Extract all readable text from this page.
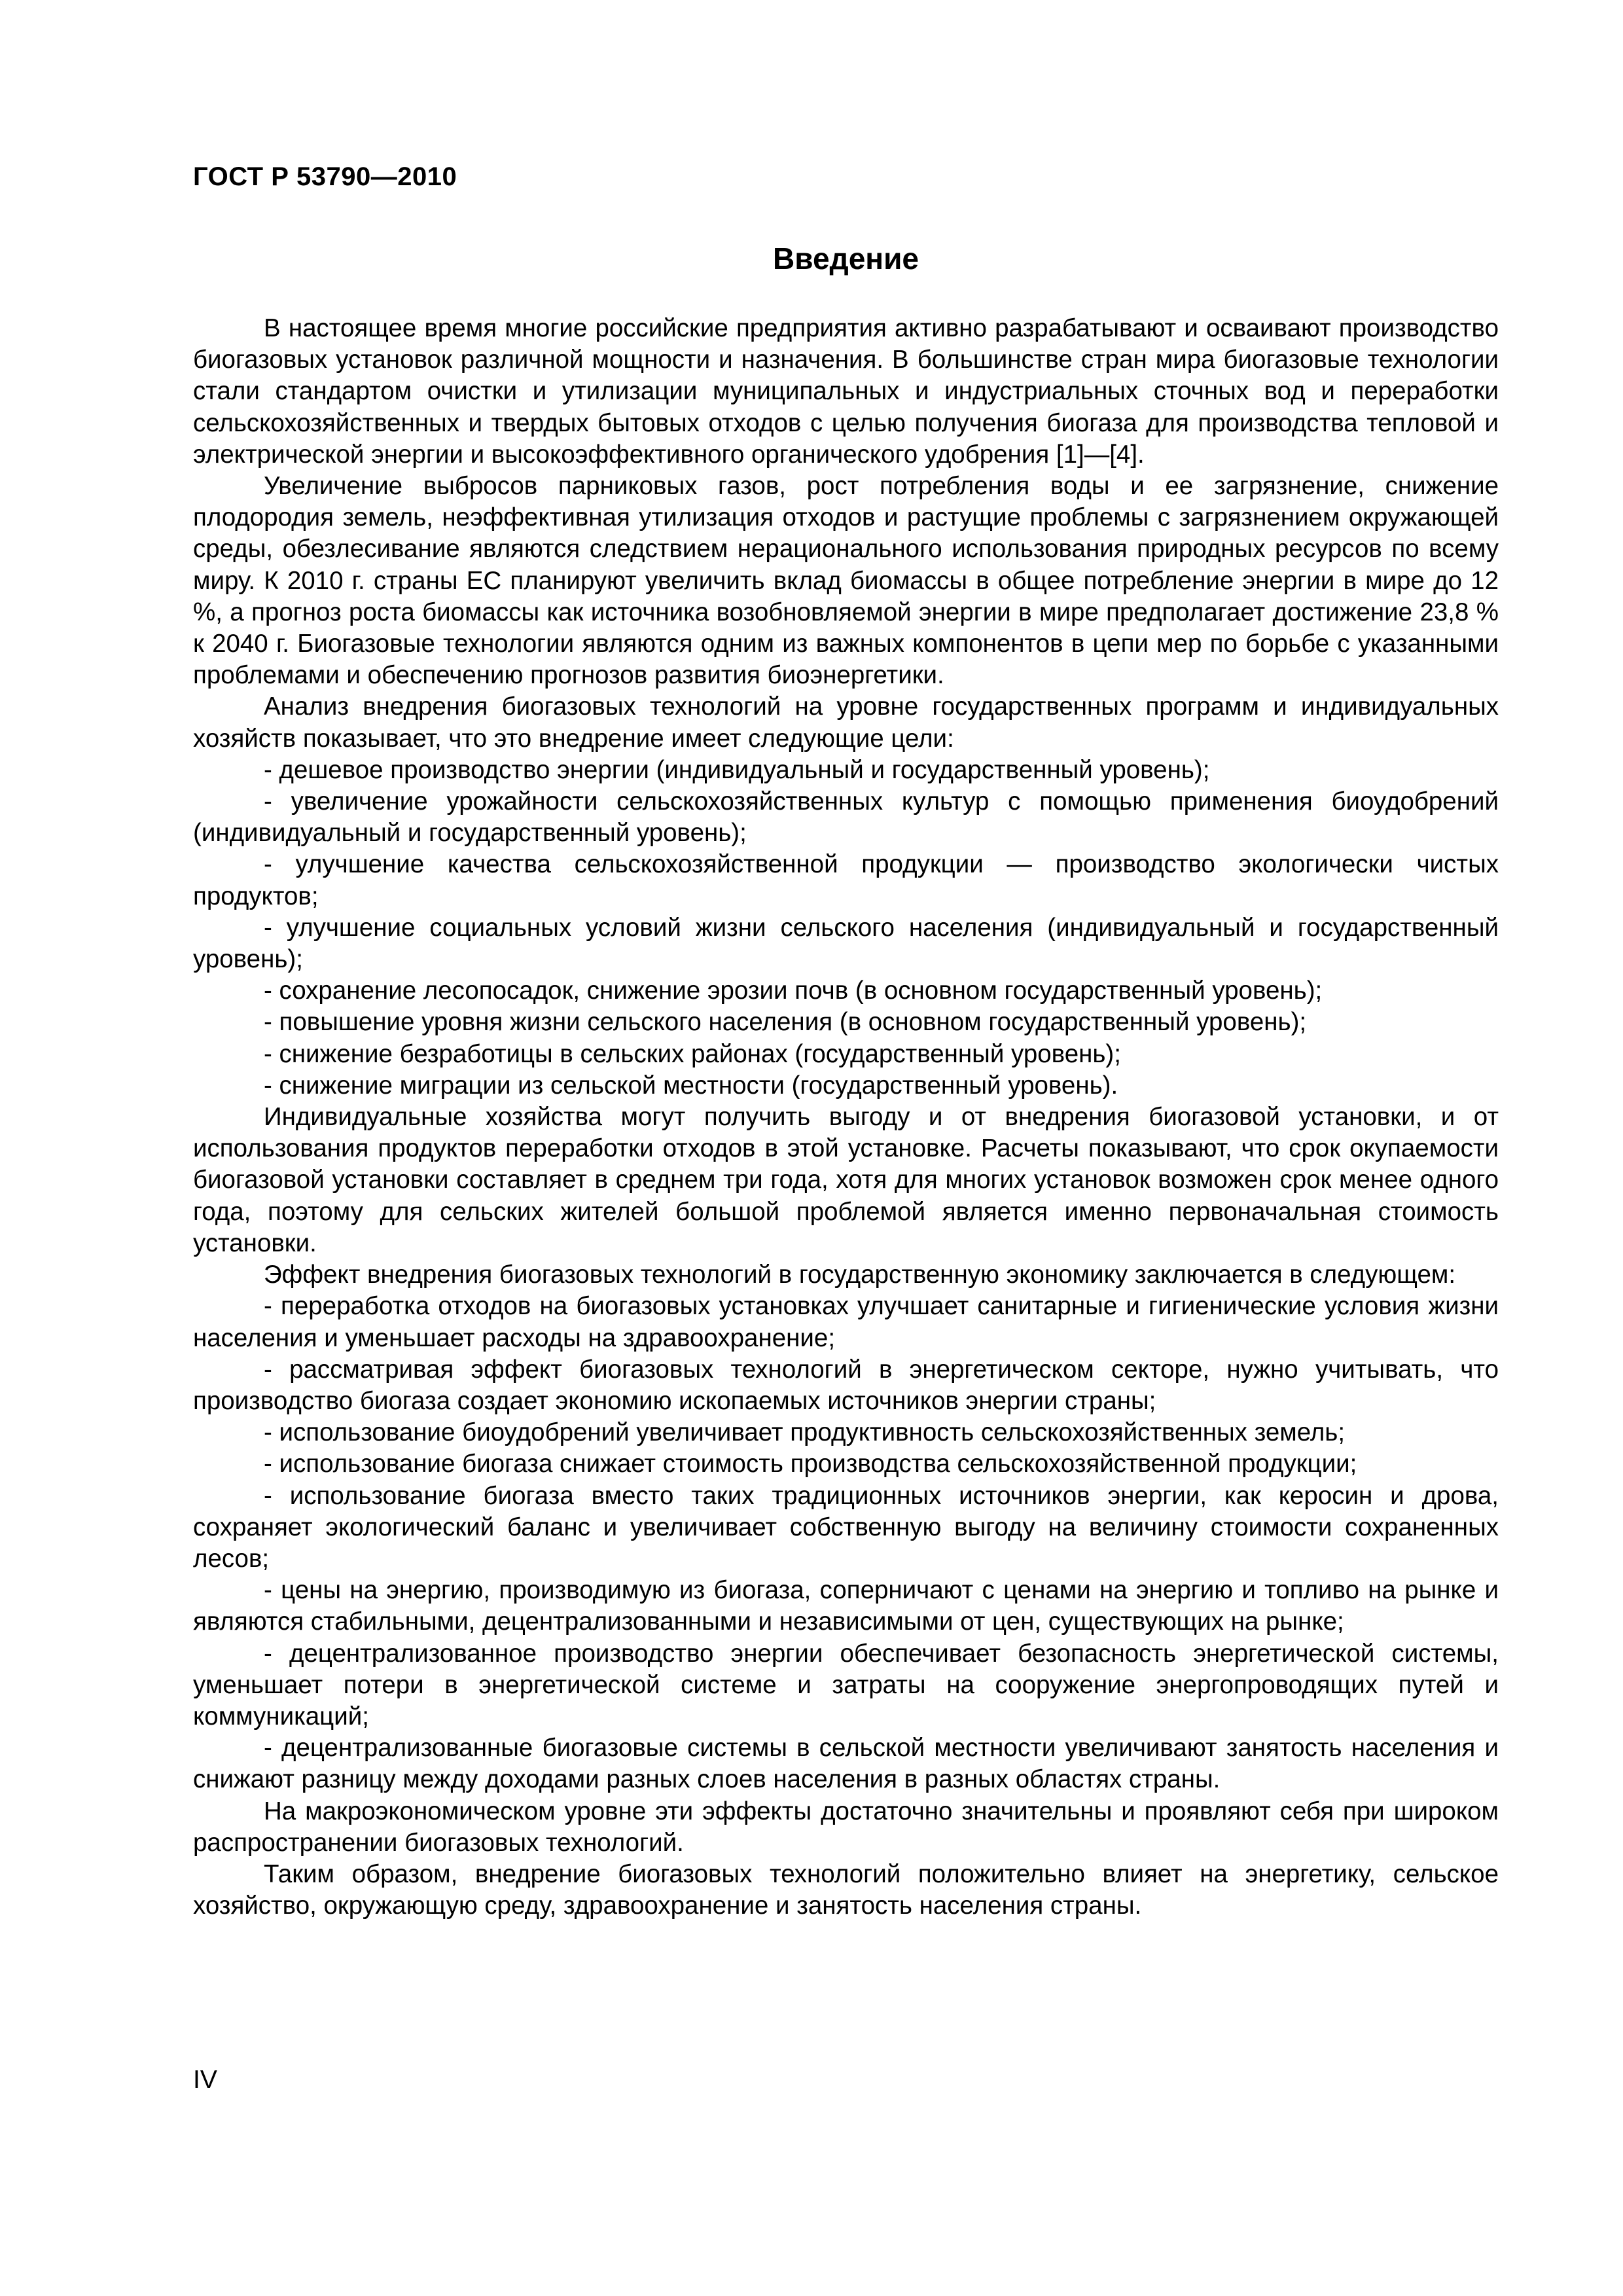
ГОСТ Р 53790—2010
Введение

В настоящее время многие российские предприятия активно разрабатывают и осваивают производство биогазовых установок различной мощности и назначения. В большинстве стран мира биогазовые технологии стали стандартом очистки и утилизации муниципальных и индустриальных сточных вод и переработки сельскохозяйственных и твердых бытовых отходов с целью получения биогаза для производства тепловой и электрической энергии и высокоэффективного органического удобрения [1]—[4].

Увеличение выбросов парниковых газов, рост потребления воды и ее загрязнение, снижение плодородия земель, неэффективная утилизация отходов и растущие проблемы с загрязнением окружающей среды, обезлесивание являются следствием нерационального использования природных ресурсов по всему миру. К 2010 г. страны ЕС планируют увеличить вклад биомассы в общее потребление энергии в мире до 12 %, а прогноз роста биомассы как источника возобновляемой энергии в мире предполагает достижение 23,8 % к 2040 г. Биогазовые технологии являются одним из важных компонентов в цепи мер по борьбе с указанными проблемами и обеспечению прогнозов развития биоэнергетики.

Анализ внедрения биогазовых технологий на уровне государственных программ и индивидуальных хозяйств показывает, что это внедрение имеет следующие цели:

- дешевое производство энергии (индивидуальный и государственный уровень);

- увеличение урожайности сельскохозяйственных культур с помощью применения биоудобрений (индивидуальный и государственный уровень);

- улучшение качества сельскохозяйственной продукции — производство экологически чистых продуктов;

- улучшение социальных условий жизни сельского населения (индивидуальный и государственный уровень);

- сохранение лесопосадок, снижение эрозии почв (в основном государственный уровень);

- повышение уровня жизни сельского населения (в основном государственный уровень);

- снижение безработицы в сельских районах (государственный уровень);

- снижение миграции из сельской местности (государственный уровень).

Индивидуальные хозяйства могут получить выгоду и от внедрения биогазовой установки, и от использования продуктов переработки отходов в этой установке. Расчеты показывают, что срок окупаемости биогазовой установки составляет в среднем три года, хотя для многих установок возможен срок менее одного года, поэтому для сельских жителей большой проблемой является именно первоначальная стоимость установки.

Эффект внедрения биогазовых технологий в государственную экономику заключается в следующем:

- переработка отходов на биогазовых установках улучшает санитарные и гигиенические условия жизни населения и уменьшает расходы на здравоохранение;

- рассматривая эффект биогазовых технологий в энергетическом секторе, нужно учитывать, что производство биогаза создает экономию ископаемых источников энергии страны;

- использование биоудобрений увеличивает продуктивность сельскохозяйственных земель;

- использование биогаза снижает стоимость производства сельскохозяйственной продукции;

- использование биогаза вместо таких традиционных источников энергии, как керосин и дрова, сохраняет экологический баланс и увеличивает собственную выгоду на величину стоимости сохраненных лесов;

- цены на энергию, производимую из биогаза, соперничают с ценами на энергию и топливо на рынке и являются стабильными, децентрализованными и независимыми от цен, существующих на рынке;

- децентрализованное производство энергии обеспечивает безопасность энергетической системы, уменьшает потери в энергетической системе и затраты на сооружение энергопроводящих путей и коммуникаций;

- децентрализованные биогазовые системы в сельской местности увеличивают занятость населения и снижают разницу между доходами разных слоев населения в разных областях страны.

На макроэкономическом уровне эти эффекты достаточно значительны и проявляют себя при широком распространении биогазовых технологий.

Таким образом, внедрение биогазовых технологий положительно влияет на энергетику, сельское хозяйство, окружающую среду, здравоохранение и занятость населения страны.

IV
